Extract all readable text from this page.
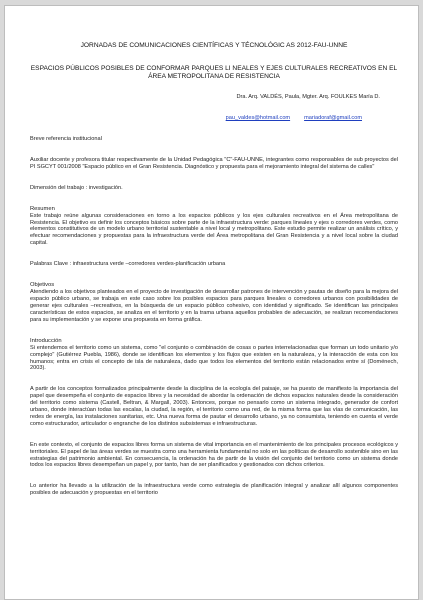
JORNADAS DE COMUNICACIONES CIENTÍFICAS Y TÉCNOLÓGIC AS 2012-FAU-UNNE
ESPACIOS PÚBLICOS POSIBLES DE CONFORMAR PARQUES LI NEALES Y EJES CULTURALES RECREATIVOS EN EL ÁREA METROPOLITANA DE RESISTENCIA
Dra. Arq. VALDÉS, Paula, Mgter. Arq. FOULKES María D.
pau_valdes@hotmail.com	mariadoraf@gmail.com
Breve referencia institucional
Auxiliar docente y profesora titular respectivamente de la Unidad Pedagógica "C"-FAU-UNNE, integrantes como responsables de sub proyectos del PI SGCYT 001/2008 "Espacio público en el Gran Resistencia. Diagnóstico y propuesta para el mejoramiento integral del sistema de calles"
Dimensión del trabajo : investigación.
Resumen
Este trabajo reúne algunas consideraciones en torno a los espacios públicos y los ejes culturales recreativos en el Área metropolitana de Resistencia. El objetivo es definir los conceptos básicos sobre parte de la infraestructura verde: parques lineales y ejes o corredores verdes, como elementos constitutivos de un modelo urbano territorial sustentable a nivel local y metropolitano. Este estudio permite realizar un análisis crítico, y efectuar recomendaciones y propuestas para la infraestructura verde del Área metropolitana del Gran Resistencia y a nivel local sobre la ciudad capital.
Palabras Clave : infraestructura verde –corredores verdes-planificación urbana
Objetivos
Atendiendo a los objetivos planteados en el proyecto de investigación de desarrollar patrones de intervención y pautas de diseño para la mejora del espacio público urbano, se trabaja en este caso sobre los posibles espacios para parques lineales o corredores urbanos con posibilidades de generar ejes culturales –recreativos, en la búsqueda de un espacio público cohesivo, con identidad y significado. Se identifican las principales características de estos espacios, se analiza en el territorio y en la trama urbana aquellos probables de adecuación, se realizan recomendaciones para su implementación y se expone una propuesta en forma gráfica.
Introducción
Si entendemos el territorio como un sistema, como "el conjunto o combinación de cosas o partes interrelacionadas que forman un todo unitario y/o complejo" (Gutiérrez Puebla, 1986), donde se identifican los elementos y los flujos que existen en la naturaleza, y la interacción de esta con los humanos; entra en crisis el concepto de isla de naturaleza, dado que todos los elementos del territorio están relacionados entre sí (Doménech, 2003).
A partir de los conceptos formalizados principalmente desde la disciplina de la ecología del paisaje, se ha puesto de manifiesto la importancia del papel que desempeña el conjunto de espacios libres y la necesidad de abordar la ordenación de dichos espacios naturales desde la consideración del territorio como sistema (Castell, Beltran, & Margall, 2003). Entonces, porque no pensarlo como un sistema integrado, generador de confort urbano, donde interactúan todas las escalas, la ciudad, la región, el territorio como una red, de la misma forma que las vías de comunicación, las redes de energía, las instalaciones sanitarias, etc. Una nueva forma de pautar el desarrollo urbano, ya no consumista, teniendo en cuenta el verde como estructurador, articulador o engranche de los distintos subsistemas e infraestructuras.
En este contexto, el conjunto de espacios libres forma un sistema de vital importancia en el mantenimiento de los principales procesos ecológicos y territoriales. El papel de las áreas verdes se muestra como una herramienta fundamental no solo en las políticas de desarrollo sostenible sino en las estrategias del patrimonio ambiental. En consecuencia, la ordenación ha de partir de la visión del conjunto del territorio como un sistema donde todos los espacios libres desempeñan un papel y, por tanto, han de ser planificados y gestionados con dichos criterios.
Lo anterior ha llevado a la utilización de la infraestructura verde como estrategia de planificación integral y analizar allí algunos componentes posibles de adecuación y propuestas en el territorio
